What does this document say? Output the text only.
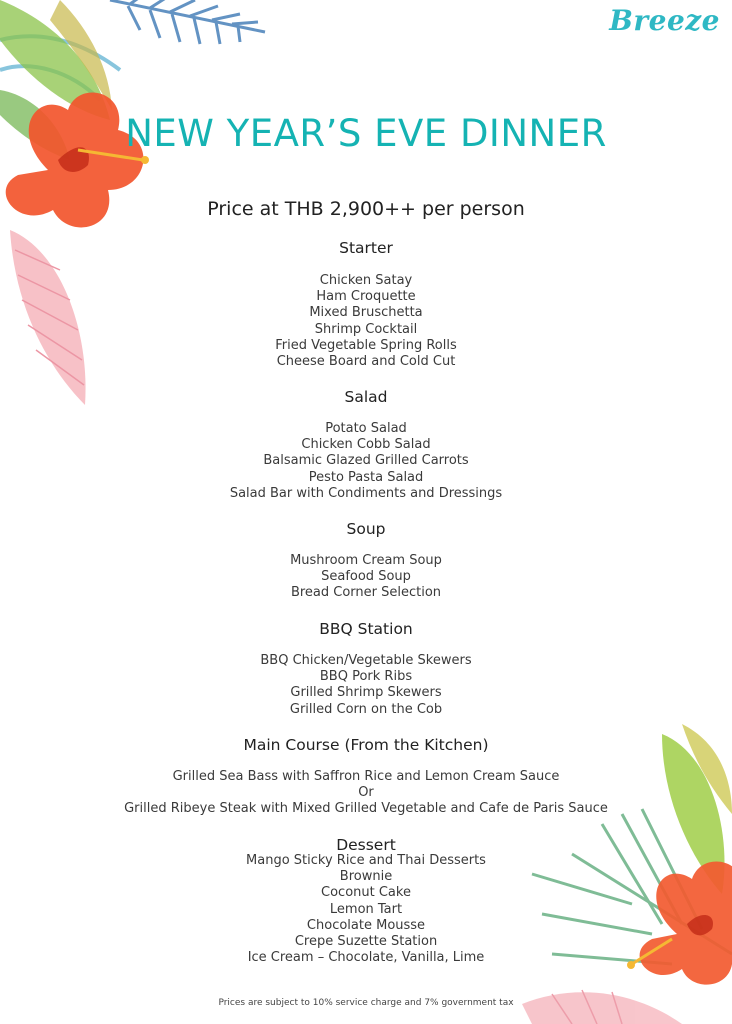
Breeze
NEW YEAR’S EVE DINNER
Price at THB 2,900++ per person
Starter
Chicken Satay
Ham Croquette
Mixed Bruschetta
Shrimp Cocktail
Fried Vegetable Spring Rolls
Cheese Board and Cold Cut
Salad
Potato Salad
Chicken Cobb Salad
Balsamic Glazed Grilled Carrots
Pesto Pasta Salad
Salad Bar with Condiments and Dressings
Soup
Mushroom Cream Soup
Seafood Soup
Bread Corner Selection
BBQ Station
BBQ Chicken/Vegetable Skewers
BBQ Pork Ribs
Grilled Shrimp Skewers
Grilled Corn on the Cob
Main Course (From the Kitchen)
Grilled Sea Bass with Saffron Rice and Lemon Cream Sauce
Or
Grilled Ribeye Steak with Mixed Grilled Vegetable and Cafe de Paris Sauce
Dessert
Mango Sticky Rice and Thai Desserts
Brownie
Coconut Cake
Lemon Tart
Chocolate Mousse
Crepe Suzette Station
Ice Cream – Chocolate, Vanilla, Lime
Prices are subject to 10% service charge and 7% government tax
